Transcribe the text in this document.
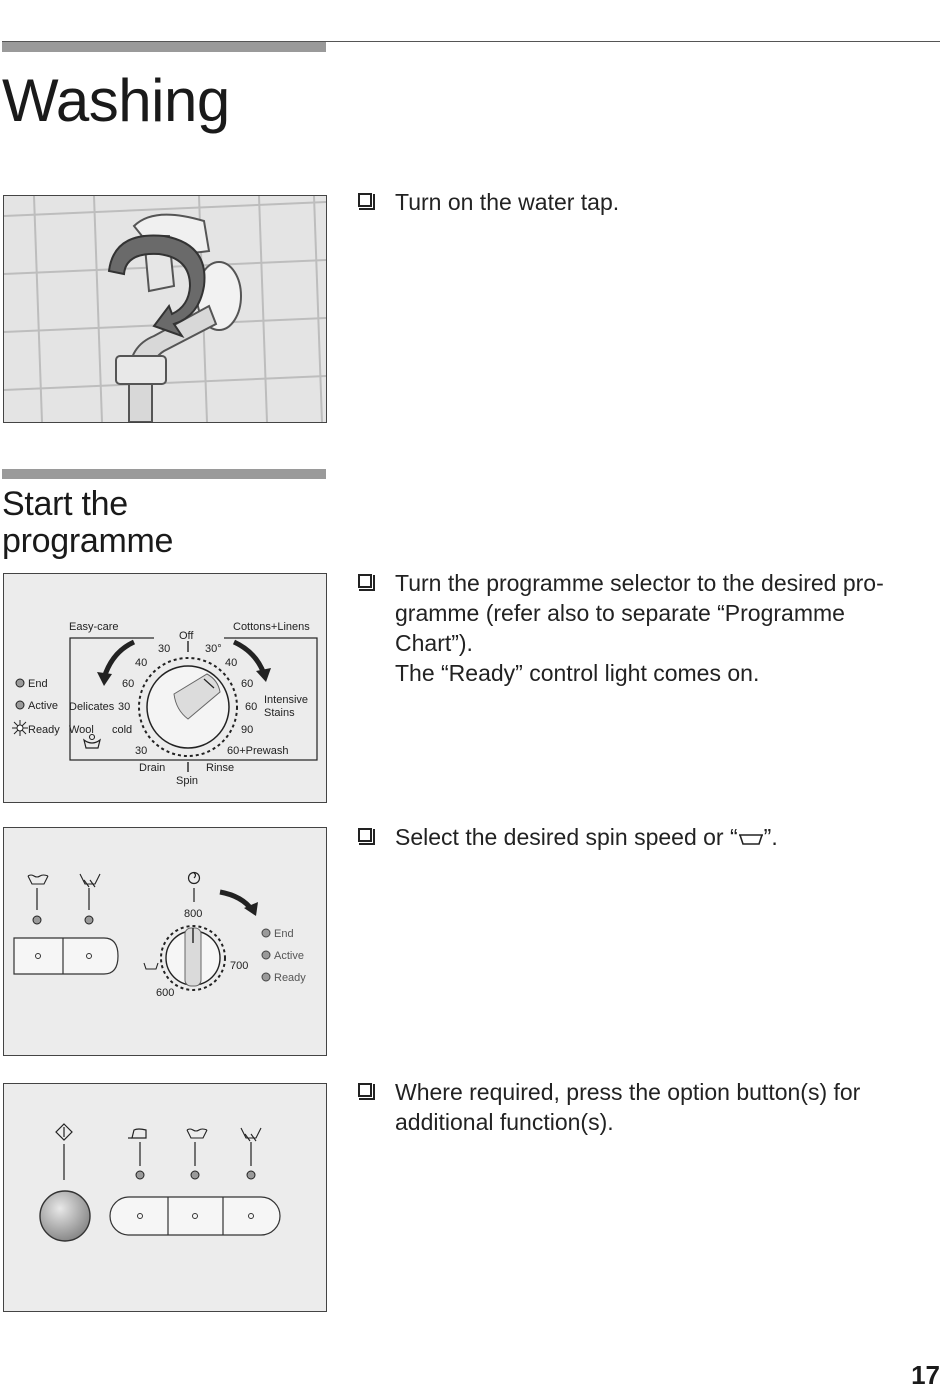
Washing

Turn on the water tap.

Start the
programme
Easy-care	Cottons+Linens
Off
30	30°
40	40
60	60
60
Intensive
Stains
Delicates 30
Wool cold	90
30	60+Prewash
Drain	Rinse
Spin
End
Active
Ready

Turn the programme selector to the desired pro-

gramme (refer also to separate “Programme

Chart”).

The “Ready” control light comes on.

800
700
600
End
Active
Ready

Select the desired spin speed or “ ”.

Where required, press the option button(s) for

additional function(s).

17
